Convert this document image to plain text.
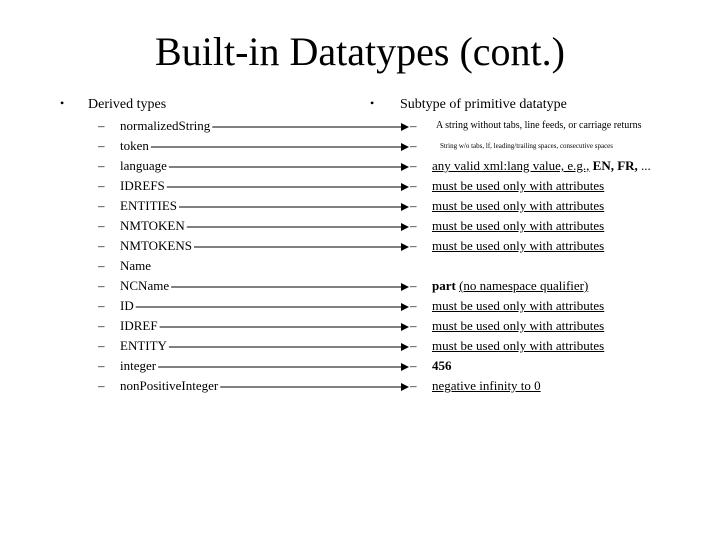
Built-in Datatypes (cont.)
• Derived types
– normalizedString
– token
– language
– IDREFS
– ENTITIES
– NMTOKEN
– NMTOKENS
– Name
– NCName
– ID
– IDREF
– ENTITY
– integer
– nonPositiveInteger
• Subtype of primitive datatype
– A string without tabs, line feeds, or carriage returns
–	String w/o tabs, lf, leading/trailing spaces, consecutive spaces
– any valid xml:lang value, e.g., EN, FR, ...
– must be used only with attributes
– must be used only with attributes
– must be used only with attributes
– must be used only with attributes
– part (no namespace qualifier)
– must be used only with attributes
– must be used only with attributes
– must be used only with attributes
– 456
– negative infinity to 0
